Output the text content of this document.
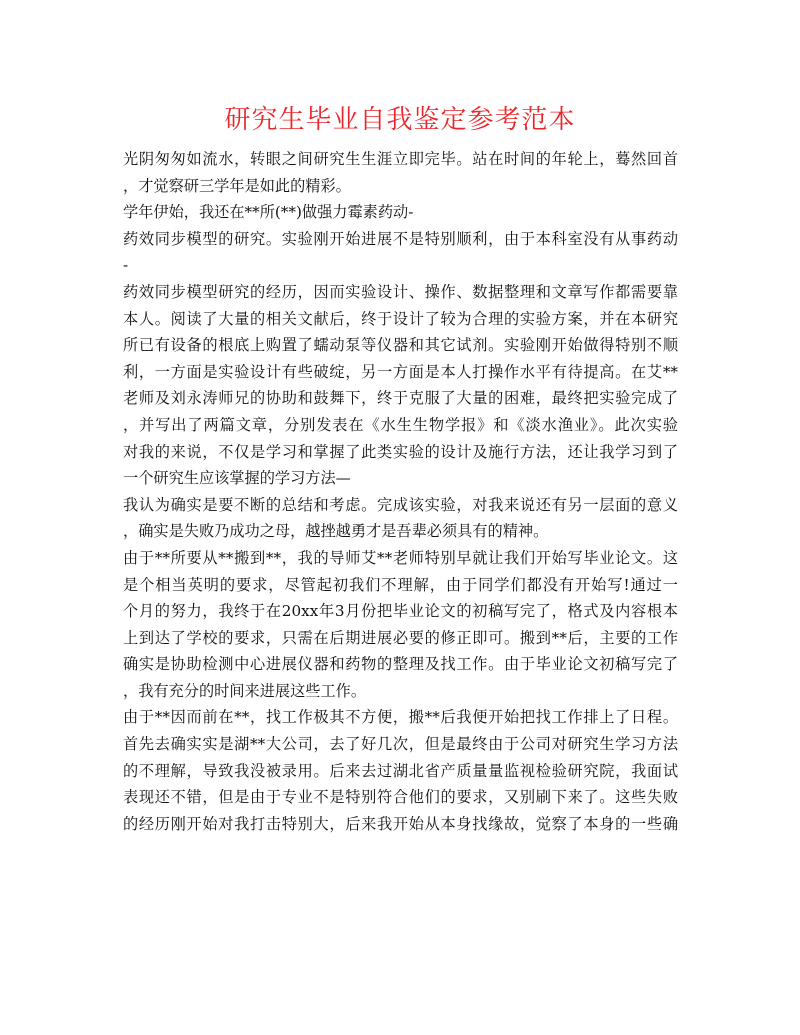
研究生毕业自我鉴定参考范本
光阴匆匆如流水，转眼之间研究生生涯立即完毕。站在时间的年轮上，蓦然回首
，才觉察研三学年是如此的精彩。
学年伊始，我还在**所(**)做强力霉素药动-
药效同步模型的研究。实验刚开始进展不是特别顺利，由于本科室没有从事药动
-
药效同步模型研究的经历，因而实验设计、操作、数据整理和文章写作都需要靠
本人。阅读了大量的相关文献后，终于设计了较为合理的实验方案，并在本研究
所已有设备的根底上购置了蠕动泵等仪器和其它试剂。实验刚开始做得特别不顺
利，一方面是实验设计有些破绽，另一方面是本人打操作水平有待提高。在艾**
老师及刘永涛师兄的协助和鼓舞下，终于克服了大量的困难，最终把实验完成了
，并写出了两篇文章，分别发表在《水生生物学报》和《淡水渔业》。此次实验
对我的来说，不仅是学习和掌握了此类实验的设计及施行方法，还让我学习到了
一个研究生应该掌握的学习方法—
我认为确实是要不断的总结和考虑。完成该实验，对我来说还有另一层面的意义
，确实是失败乃成功之母，越挫越勇才是吾辈必须具有的精神。
由于**所要从**搬到**，我的导师艾**老师特别早就让我们开始写毕业论文。这
是个相当英明的要求，尽管起初我们不理解，由于同学们都没有开始写!通过一
个月的努力，我终于在20xx年3月份把毕业论文的初稿写完了，格式及内容根本
上到达了学校的要求，只需在后期进展必要的修正即可。搬到**后，主要的工作
确实是协助检测中心进展仪器和药物的整理及找工作。由于毕业论文初稿写完了
，我有充分的时间来进展这些工作。
由于**因而前在**，找工作极其不方便，搬**后我便开始把找工作排上了日程。
首先去确实实是湖**大公司，去了好几次，但是最终由于公司对研究生学习方法
的不理解，导致我没被录用。后来去过湖北省产质量量监视检验研究院，我面试
表现还不错，但是由于专业不是特别符合他们的要求，又别刷下来了。这些失败
的经历刚开始对我打击特别大，后来我开始从本身找缘故，觉察了本身的一些确
